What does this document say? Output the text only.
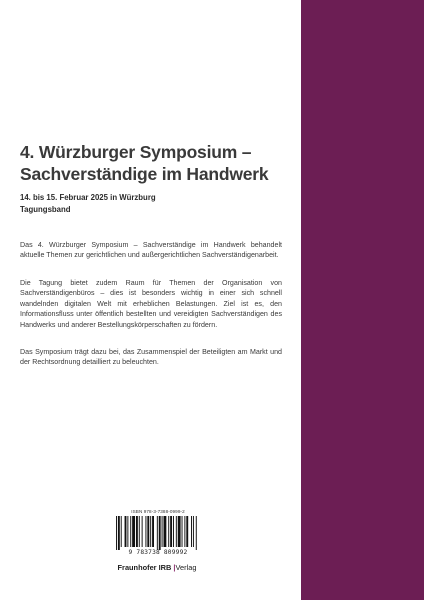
4. Würzburger Symposium –
Sachverständige im Handwerk
14. bis 15. Februar 2025 in Würzburg
Tagungsband
Das 4. Würzburger Symposium – Sachverständige im Handwerk behandelt aktuelle Themen zur gerichtlichen und außergerichtlichen Sachverständigenarbeit.
Die Tagung bietet zudem Raum für Themen der Organisation von Sachverständigenbüros – dies ist besonders wichtig in einer sich schnell wandelnden digitalen Welt mit erheblichen Belastungen. Ziel ist es, den Informationsfluss unter öffentlich bestellten und vereidigten Sachverständigen des Handwerks und anderer Bestellungskörperschaften zu fördern.
Das Symposium trägt dazu bei, das Zusammenspiel der Beteiligten am Markt und der Rechtsordnung detailliert zu beleuchten.
ISBN 978-3-7388-0999-2
9 783738 809992
Fraunhofer IRB |Verlag
